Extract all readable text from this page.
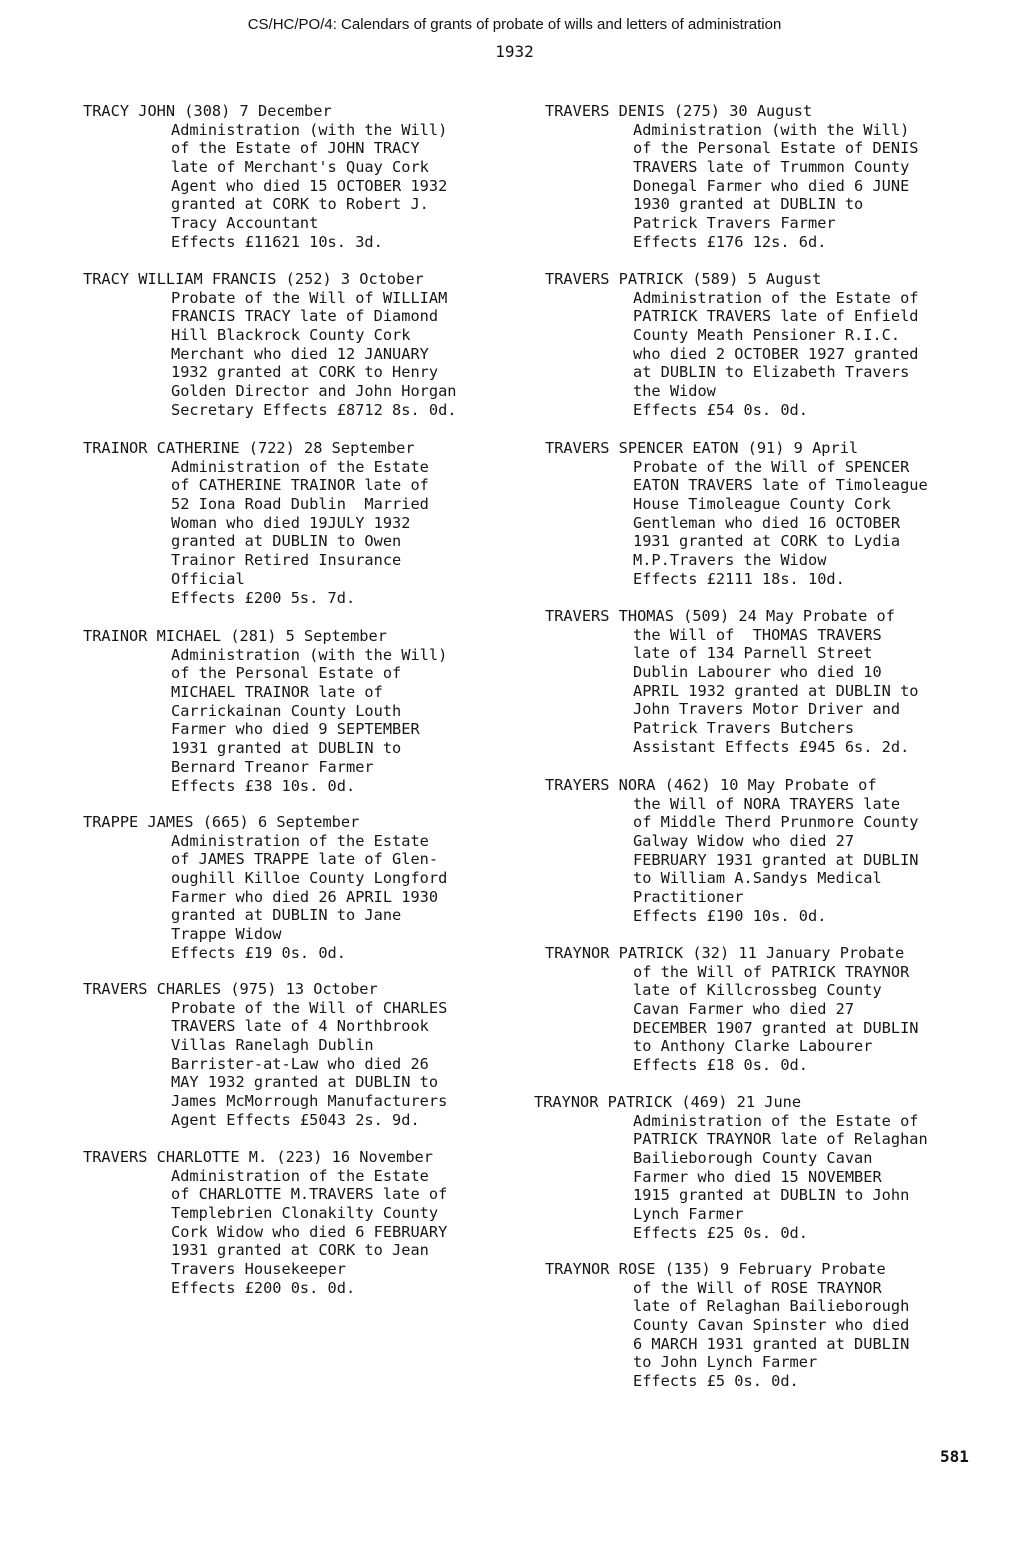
CS/HC/PO/4: Calendars of grants of probate of wills and letters of administration
1932
TRACY JOHN (308) 7 December
Administration (with the Will)
of the Estate of JOHN TRACY
late of Merchant's Quay Cork
Agent who died 15 OCTOBER 1932
granted at CORK to Robert J.
Tracy Accountant
Effects £11621 10s. 3d.
TRACY WILLIAM FRANCIS (252) 3 October
Probate of the Will of WILLIAM
FRANCIS TRACY late of Diamond
Hill Blackrock County Cork
Merchant who died 12 JANUARY
1932 granted at CORK to Henry
Golden Director and John Horgan
Secretary Effects £8712 8s. 0d.
TRAINOR CATHERINE (722) 28 September
Administration of the Estate
of CATHERINE TRAINOR late of
52 Iona Road Dublin  Married
Woman who died 19JULY 1932
granted at DUBLIN to Owen
Trainor Retired Insurance
Official
Effects £200 5s. 7d.
TRAINOR MICHAEL (281) 5 September
Administration (with the Will)
of the Personal Estate of
MICHAEL TRAINOR late of
Carrickainan County Louth
Farmer who died 9 SEPTEMBER
1931 granted at DUBLIN to
Bernard Treanor Farmer
Effects £38 10s. 0d.
TRAPPE JAMES (665) 6 September
Administration of the Estate
of JAMES TRAPPE late of Glen-
oughill Killoe County Longford
Farmer who died 26 APRIL 1930
granted at DUBLIN to Jane
Trappe Widow
Effects £19 0s. 0d.
TRAVERS CHARLES (975) 13 October
Probate of the Will of CHARLES
TRAVERS late of 4 Northbrook
Villas Ranelagh Dublin
Barrister-at-Law who died 26
MAY 1932 granted at DUBLIN to
James McMorrough Manufacturers
Agent Effects £5043 2s. 9d.
TRAVERS CHARLOTTE M. (223) 16 November
Administration of the Estate
of CHARLOTTE M.TRAVERS late of
Templebrien Clonakilty County
Cork Widow who died 6 FEBRUARY
1931 granted at CORK to Jean
Travers Housekeeper
Effects £200 0s. 0d.
TRAVERS DENIS (275) 30 August
Administration (with the Will)
of the Personal Estate of DENIS
TRAVERS late of Trummon County
Donegal Farmer who died 6 JUNE
1930 granted at DUBLIN to
Patrick Travers Farmer
Effects £176 12s. 6d.
TRAVERS PATRICK (589) 5 August
Administration of the Estate of
PATRICK TRAVERS late of Enfield
County Meath Pensioner R.I.C.
who died 2 OCTOBER 1927 granted
at DUBLIN to Elizabeth Travers
the Widow
Effects £54 0s. 0d.
TRAVERS SPENCER EATON (91) 9 April
Probate of the Will of SPENCER
EATON TRAVERS late of Timoleague
House Timoleague County Cork
Gentleman who died 16 OCTOBER
1931 granted at CORK to Lydia
M.P.Travers the Widow
Effects £2111 18s. 10d.
TRAVERS THOMAS (509) 24 May Probate of
the Will of  THOMAS TRAVERS
late of 134 Parnell Street
Dublin Labourer who died 10
APRIL 1932 granted at DUBLIN to
John Travers Motor Driver and
Patrick Travers Butchers
Assistant Effects £945 6s. 2d.
TRAYERS NORA (462) 10 May Probate of
the Will of NORA TRAYERS late
of Middle Therd Prunmore County
Galway Widow who died 27
FEBRUARY 1931 granted at DUBLIN
to William A.Sandys Medical
Practitioner
Effects £190 10s. 0d.
TRAYNOR PATRICK (32) 11 January Probate
of the Will of PATRICK TRAYNOR
late of Killcrossbeg County
Cavan Farmer who died 27
DECEMBER 1907 granted at DUBLIN
to Anthony Clarke Labourer
Effects £18 0s. 0d.
TRAYNOR PATRICK (469) 21 June
Administration of the Estate of
PATRICK TRAYNOR late of Relaghan
Bailieborough County Cavan
Farmer who died 15 NOVEMBER
1915 granted at DUBLIN to John
Lynch Farmer
Effects £25 0s. 0d.
TRAYNOR ROSE (135) 9 February Probate
of the Will of ROSE TRAYNOR
late of Relaghan Bailieborough
County Cavan Spinster who died
6 MARCH 1931 granted at DUBLIN
to John Lynch Farmer
Effects £5 0s. 0d.
581
